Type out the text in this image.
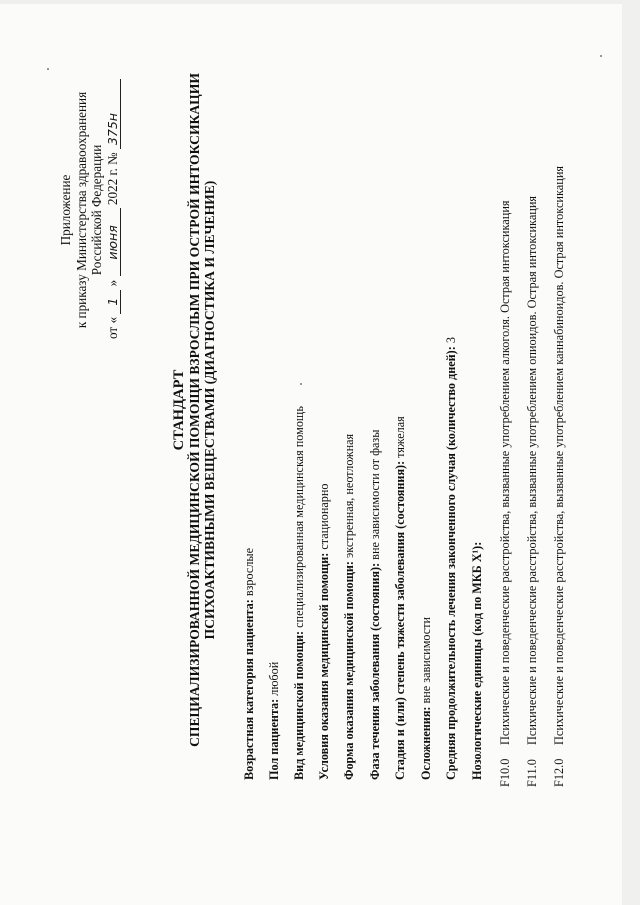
Приложение к приказу Министерства здравоохранения Российской Федерации
от « 1 » июня 2022 г. № 375н
СТАНДАРТ СПЕЦИАЛИЗИРОВАННОЙ МЕДИЦИНСКОЙ ПОМОЩИ ВЗРОСЛЫМ ПРИ ОСТРОЙ ИНТОКСИКАЦИИ ПСИХОАКТИВНЫМИ ВЕЩЕСТВАМИ (ДИАГНОСТИКА И ЛЕЧЕНИЕ)
Возрастная категория пациента: взрослые
Пол пациента: любой Вид медицинской помощи: специализированная медицинская помощь
Условия оказания медицинской помощи: стационарно
Форма оказания медицинской помощи: экстренная, неотложная
Фаза течения заболевания (состояния): вне зависимости от фазы Стадия и (или) степень тяжести заболевания (состояния): тяжелая
Осложнения: вне зависимости Средняя продолжительность лечения законченного случая (количество дней): 3
Нозологические единицы (код по МКБ X¹): F10.0Психические и поведенческие расстройства, вызванные употреблением алкоголя. Острая интоксикация
F11.0Психические и поведенческие расстройства, вызванные употреблением опиоидов. Острая интоксикация
F12.0Психические и поведенческие расстройства, вызванные употреблением каннабиноидов. Острая интоксикация
